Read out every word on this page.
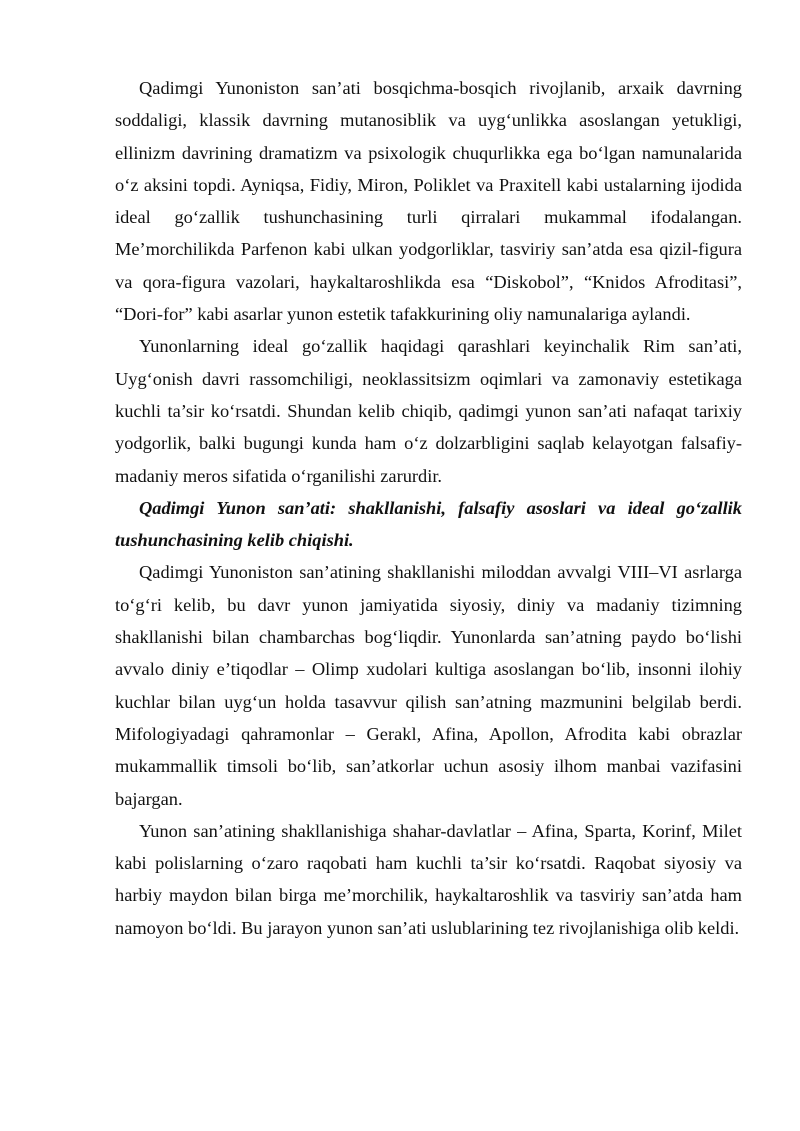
Qadimgi Yunoniston san’ati bosqichma-bosqich rivojlanib, arxaik davrning soddaligi, klassik davrning mutanosiblik va uyg‘unlikka asoslangan yetukligi, ellinizm davrining dramatizm va psixologik chuqurlikka ega bo‘lgan namunalarida o‘z aksini topdi. Ayniqsa, Fidiy, Miron, Poliklet va Praxitell kabi ustalarning ijodida ideal go‘zallik tushunchasining turli qirralari mukammal ifodalangan. Me’morchilikda Parfenon kabi ulkan yodgorliklar, tasviriy san’atda esa qizil-figura va qora-figura vazolari, haykaltaroshlikda esa “Diskobol”, “Knidos Afroditasi”, “Dori-for” kabi asarlar yunon estetik tafakkurining oliy namunalariga aylandi.

Yunonlarning ideal go‘zallik haqidagi qarashlari keyinchalik Rim san’ati, Uyg‘onish davri rassomchiligi, neoklassitsizm oqimlari va zamonaviy estetikaga kuchli ta’sir ko‘rsatdi. Shundan kelib chiqib, qadimgi yunon san’ati nafaqat tarixiy yodgorlik, balki bugungi kunda ham o‘z dolzarbligini saqlab kelayotgan falsafiy-madaniy meros sifatida o‘rganilishi zarurdir.

Qadimgi Yunon san’ati: shakllanishi, falsafiy asoslari va ideal go‘zallik tushunchasining kelib chiqishi.

Qadimgi Yunoniston san’atining shakllanishi miloddan avvalgi VIII–VI asrlarga to‘g‘ri kelib, bu davr yunon jamiyatida siyosiy, diniy va madaniy tizimning shakllanishi bilan chambarchas bog‘liqdir. Yunonlarda san’atning paydo bo‘lishi avvalo diniy e’tiqodlar – Olimp xudolari kultiga asoslangan bo‘lib, insonni ilohiy kuchlar bilan uyg‘un holda tasavvur qilish san’atning mazmunini belgilab berdi. Mifologiyadagi qahramonlar – Gerakl, Afina, Apollon, Afrodita kabi obrazlar mukammallik timsoli bo‘lib, san’atkorlar uchun asosiy ilhom manbai vazifasini bajargan.

Yunon san’atining shakllanishiga shahar-davlatlar – Afina, Sparta, Korinf, Milet kabi polislarning o‘zaro raqobati ham kuchli ta’sir ko‘rsatdi. Raqobat siyosiy va harbiy maydon bilan birga me’morchilik, haykaltaroshlik va tasviriy san’atda ham namoyon bo‘ldi. Bu jarayon yunon san’ati uslublarining tez rivojlanishiga olib keldi.
